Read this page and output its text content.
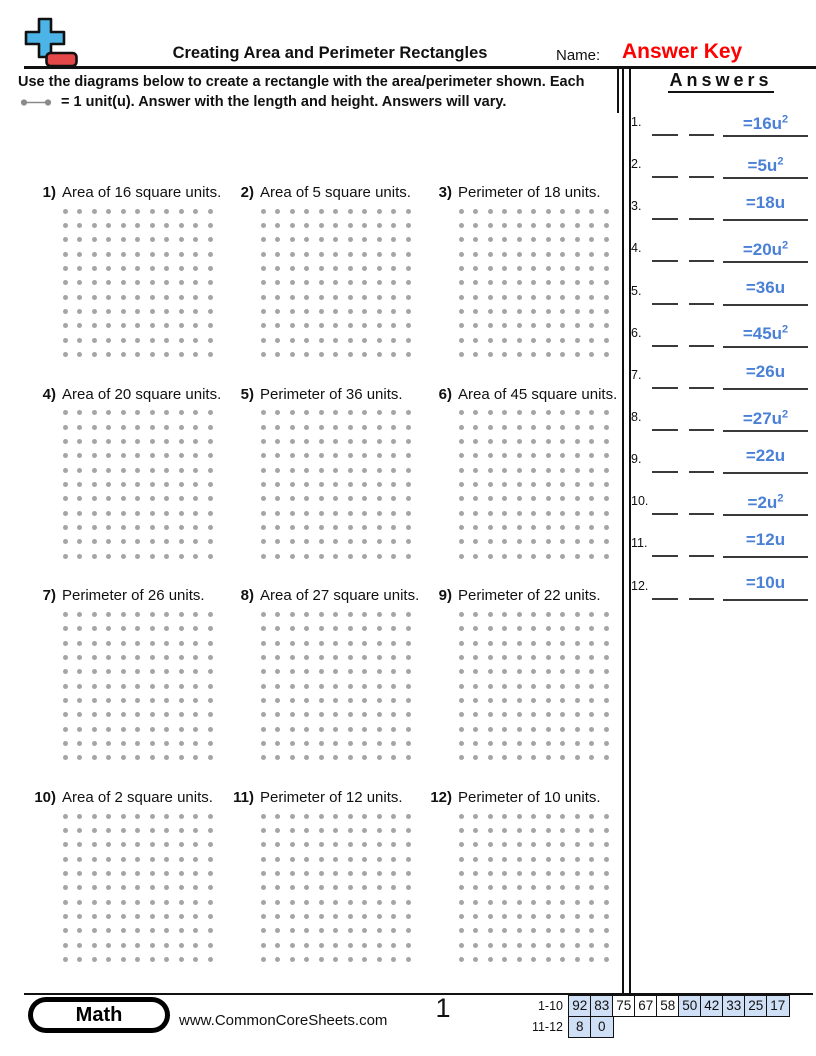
Creating Area and Perimeter Rectangles	Name: Answer Key
Use the diagrams below to create a rectangle with the area/perimeter shown. Each
= 1 unit(u). Answer with the length and height. Answers will vary.
1) Area of 16 square units.	2) Area of 5 square units.	3) Perimeter of 18 units.
4) Area of 20 square units.	5) Perimeter of 36 units.	6) Area of 45 square units.
7) Perimeter of 26 units.	8) Area of 27 square units.	9) Perimeter of 22 units.
10) Area of 2 square units.	11) Perimeter of 12 units.	12) Perimeter of 10 units.
Answers
1.	$=16u^2$
2.	$=5u^2$
3.	=18u
4.	$=20u^2$
5.	=36u
6.	$=45u^2$
7.	=26u
8.	$=27u^2$
9.	=22u
10.	$=2u^2$
11.	=12u
12.	=10u
Math	www.CommonCoreSheets.com	1	1-10 92 83 75 67 58 50 42 33 25 17
11-12 8	0
